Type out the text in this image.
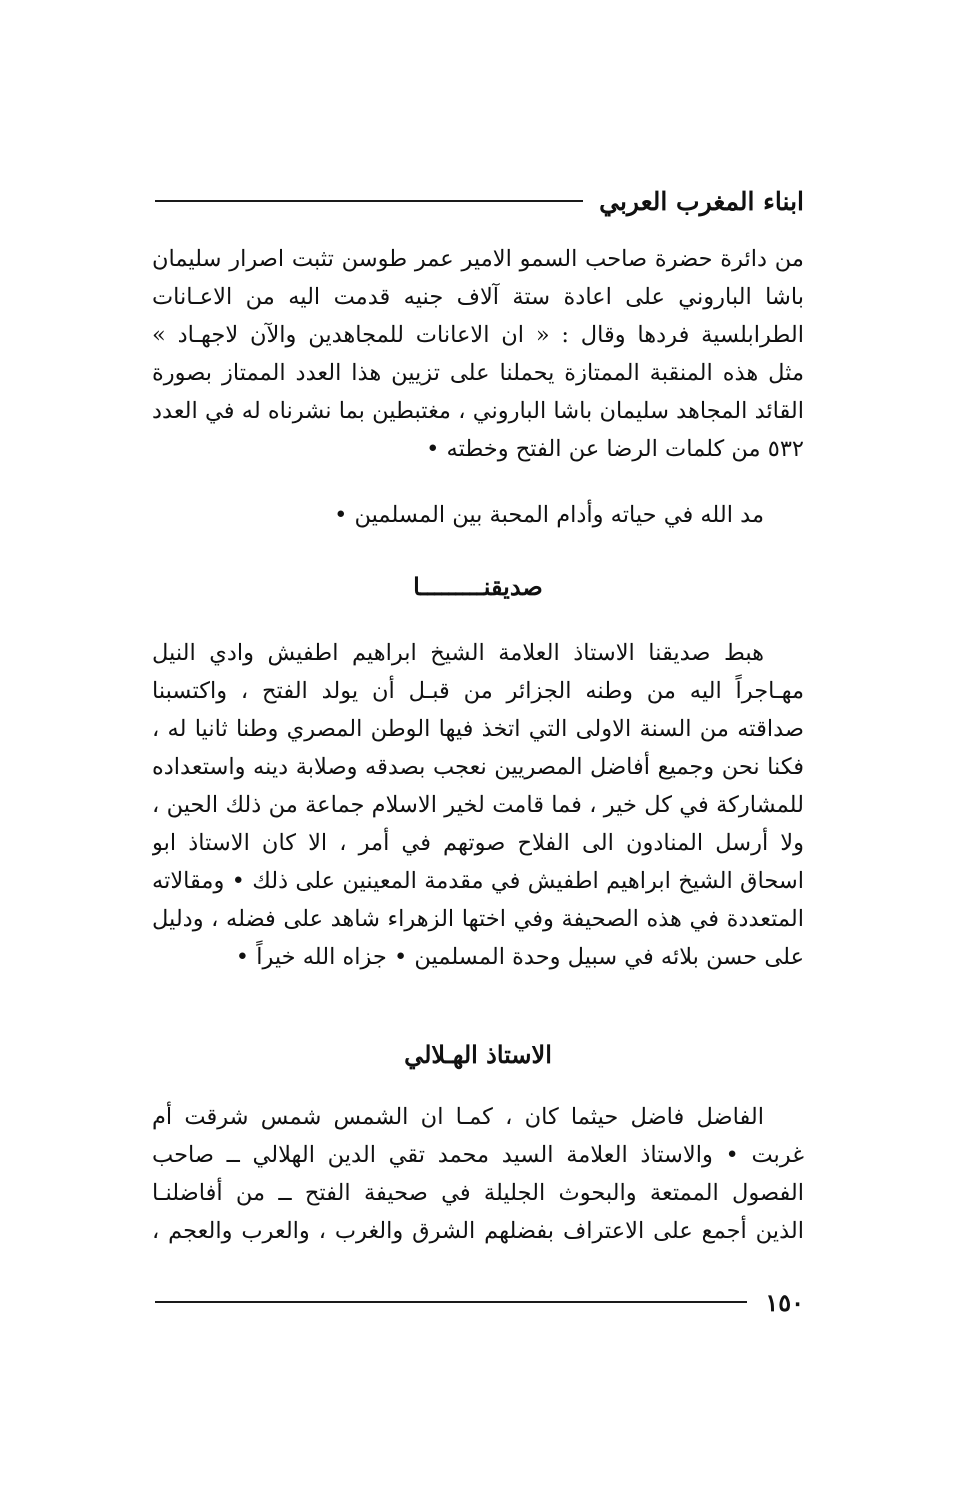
ابناء المغرب العربي
من دائرة حضرة صاحب السمو الامير عمر طوسن تثبت اصرار سليمان
باشا الباروني على اعادة ستة آلاف جنيه قدمت اليه من الاعـانات
الطرابلسية فردها وقال : « ان الاعانات للمجاهدين والآن لاجهـاد »
مثل هذه المنقبة الممتازة يحملنا على تزيين هذا العدد الممتاز بصورة
القائد المجاهد سليمان باشا الباروني ، مغتبطين بما نشرناه له في العدد
٥٣٢ من كلمات الرضا عن الفتح وخطته •
مد الله في حياته وأدام المحبة بين المسلمين •
صديقنـــــــــا
هبط صديقنا الاستاذ العلامة الشيخ ابراهيم اطفيش وادي النيل
مهـاجراً اليه من وطنه الجزائر من قبـل أن يولد الفتح ، واكتسبنا
صداقته من السنة الاولى التي اتخذ فيها الوطن المصري وطنا ثانيا له ،
فكنا نحن وجميع أفاضل المصريين نعجب بصدقه وصلابة دينه واستعداده
للمشاركة في كل خير ، فما قامت لخير الاسلام جماعة من ذلك الحين ،
ولا أرسل المنادون الى الفلاح صوتهم في أمر ، الا كان الاستاذ ابو
اسحاق الشيخ ابراهيم اطفيش في مقدمة المعينين على ذلك • ومقالاته
المتعددة في هذه الصحيفة وفي اختها الزهراء شاهد على فضله ، ودليل
على حسن بلائه في سبيل وحدة المسلمين • جزاه الله خيراً •
الاستاذ الهـلالي
الفاضل فاضل حيثما كان ، كمـا ان الشمس شمس شرقت أم
غربت • والاستاذ العلامة السيد محمد تقي الدين الهلالي ــ صاحب
الفصول الممتعة والبحوث الجليلة في صحيفة الفتح ــ من أفاضلنـا
الذين أجمع على الاعتراف بفضلهم الشرق والغرب ، والعرب والعجم ،
١٥٠
